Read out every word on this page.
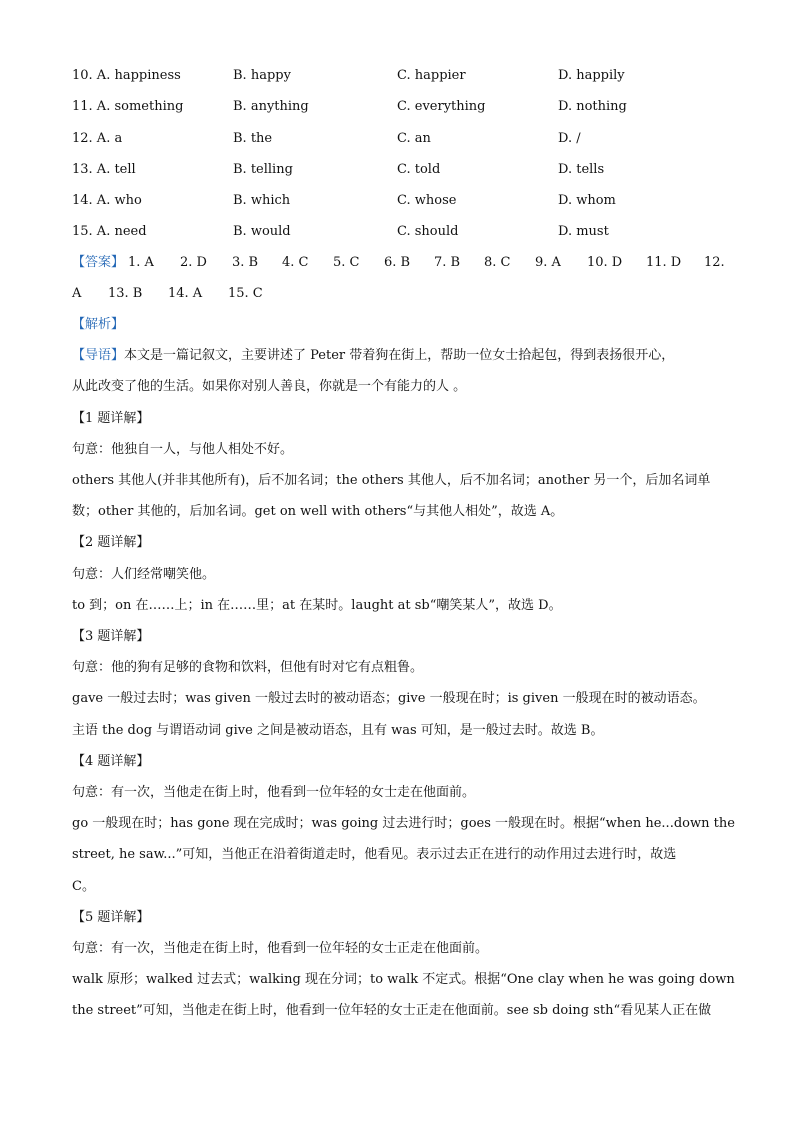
10. A. happiness	B. happy	C. happier	D. happily
11. A. something	B. anything	C. everything	D. nothing
12. A. a	B. the	C. an	D. /
13. A. tell	B. telling	C. told	D. tells
14. A. who	B. which	C. whose	D. whom
15. A. need	B. would	C. should	D. must
【答案】 1. A 2. D 3. B 4. C 5. C 6. B 7. B 8. C 9. A 10. D 11. D 12.
A 13. B 14. A 15. C
【解析】
【导语】本文是一篇记叙文，主要讲述了 Peter 带着狗在街上，帮助一位女士拾起包，得到表扬很开心，
从此改变了他的生活。如果你对别人善良，你就是一个有能力的人 。
【1 题详解】
句意：他独自一人，与他人相处不好。
others 其他人(并非其他所有)，后不加名词；the others 其他人，后不加名词；another 另一个，后加名词单
数；other 其他的，后加名词。get on well with others“与其他人相处”，故选 A。
【2 题详解】
句意：人们经常嘲笑他。
to 到；on 在……上；in 在……里；at 在某时。laught at sb“嘲笑某人”，故选 D。
【3 题详解】
句意：他的狗有足够的食物和饮料，但他有时对它有点粗鲁。
gave 一般过去时；was given 一般过去时的被动语态；give 一般现在时；is given 一般现在时的被动语态。
主语 the dog 与谓语动词 give 之间是被动语态，且有 was 可知，是一般过去时。故选 B。
【4 题详解】
句意：有一次，当他走在街上时，他看到一位年轻的女士走在他面前。
go 一般现在时；has gone 现在完成时；was going 过去进行时；goes 一般现在时。根据“when he...down the
street, he saw...”可知，当他正在沿着街道走时，他看见。表示过去正在进行的动作用过去进行时，故选
C。
【5 题详解】
句意：有一次，当他走在街上时，他看到一位年轻的女士正走在他面前。
walk 原形；walked 过去式；walking 现在分词；to walk 不定式。根据“One clay when he was going down
the street”可知，当他走在街上时，他看到一位年轻的女士正走在他面前。see sb doing sth“看见某人正在做
